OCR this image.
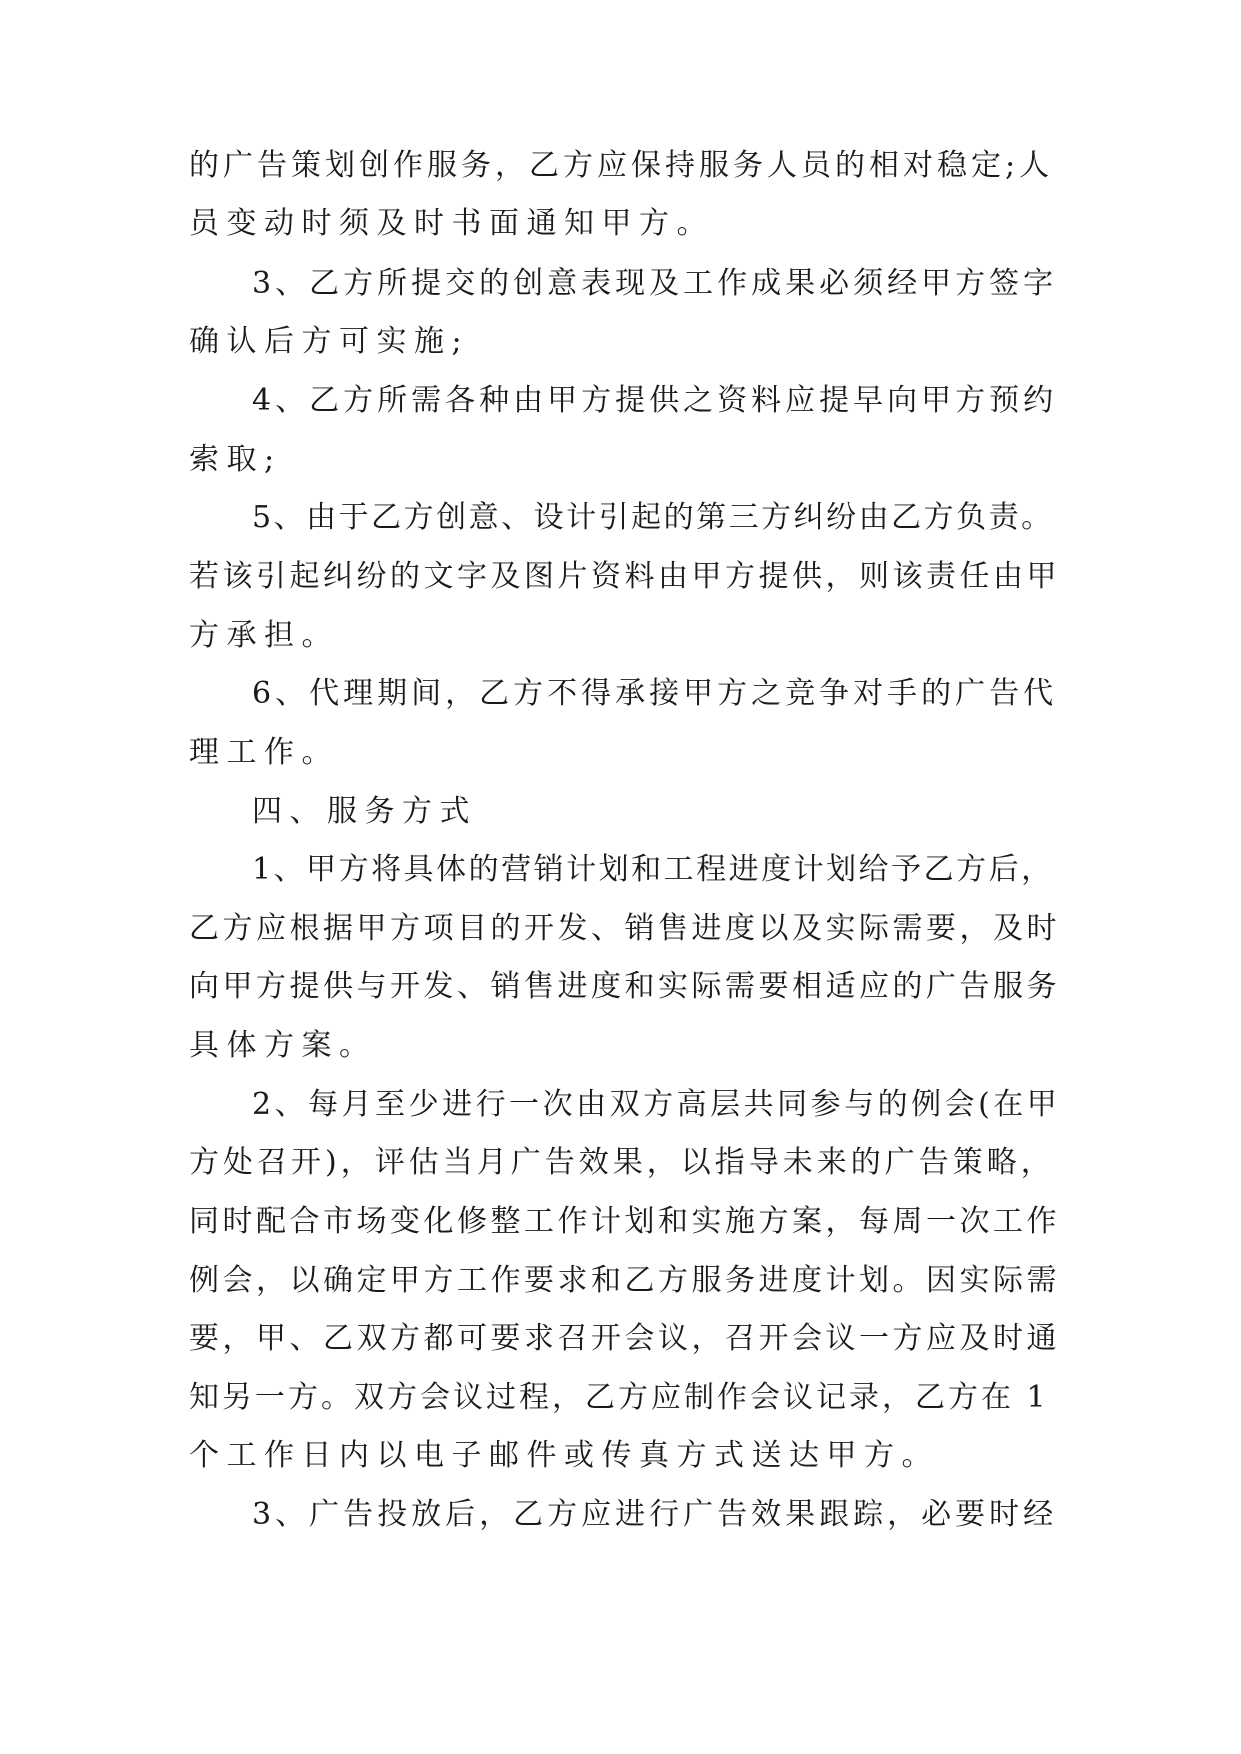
的广告策划创作服务，乙方应保持服务人员的相对稳定;人
员变动时须及时书面通知甲方。
3、乙方所提交的创意表现及工作成果必须经甲方签字
确认后方可实施;
4、乙方所需各种由甲方提供之资料应提早向甲方预约
索取;
5、由于乙方创意、设计引起的第三方纠纷由乙方负责。
若该引起纠纷的文字及图片资料由甲方提供，则该责任由甲
方承担。
6、代理期间，乙方不得承接甲方之竞争对手的广告代
理工作。
四、服务方式
1、甲方将具体的营销计划和工程进度计划给予乙方后，
乙方应根据甲方项目的开发、销售进度以及实际需要，及时
向甲方提供与开发、销售进度和实际需要相适应的广告服务
具体方案。
2、每月至少进行一次由双方高层共同参与的例会(在甲
方处召开)，评估当月广告效果，以指导未来的广告策略，
同时配合市场变化修整工作计划和实施方案，每周一次工作
例会，以确定甲方工作要求和乙方服务进度计划。因实际需
要，甲、乙双方都可要求召开会议，召开会议一方应及时通
知另一方。双方会议过程，乙方应制作会议记录，乙方在 1
个工作日内以电子邮件或传真方式送达甲方。
3、广告投放后，乙方应进行广告效果跟踪，必要时经
